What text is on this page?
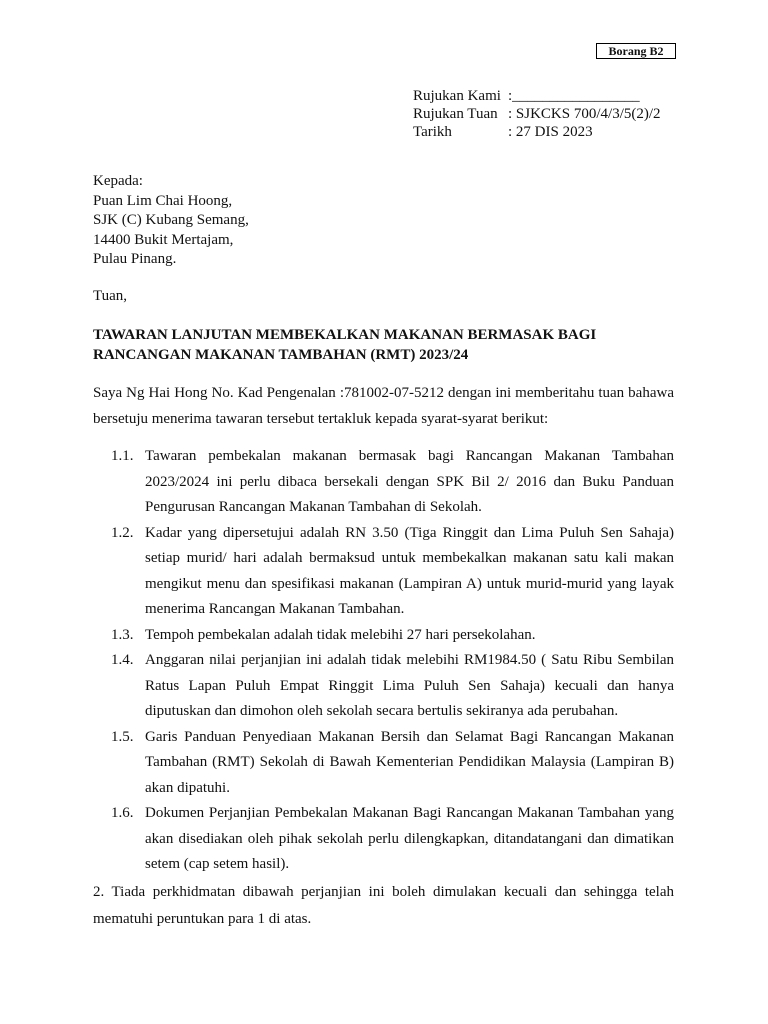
Borang B2
Rujukan Kami :_________________
Rujukan Tuan : SJKCKS 700/4/3/5(2)/2
Tarikh	: 27 DIS 2023
Kepada:
Puan Lim Chai Hoong,
SJK (C) Kubang Semang,
14400 Bukit Mertajam,
Pulau Pinang.
Tuan,
TAWARAN LANJUTAN MEMBEKALKAN MAKANAN BERMASAK BAGI RANCANGAN MAKANAN TAMBAHAN (RMT) 2023/24
Saya Ng Hai Hong No. Kad Pengenalan :781002-07-5212 dengan ini memberitahu tuan bahawa bersetuju menerima tawaran tersebut tertakluk kepada syarat-syarat berikut:
1.1. Tawaran pembekalan makanan bermasak bagi Rancangan Makanan Tambahan 2023/2024 ini perlu dibaca bersekali dengan SPK Bil 2/ 2016 dan Buku Panduan Pengurusan Rancangan Makanan Tambahan di Sekolah.
1.2. Kadar yang dipersetujui adalah RN 3.50 (Tiga Ringgit dan Lima Puluh Sen Sahaja) setiap murid/ hari adalah bermaksud untuk membekalkan makanan satu kali makan mengikut menu dan spesifikasi makanan (Lampiran A) untuk murid-murid yang layak menerima Rancangan Makanan Tambahan.
1.3. Tempoh pembekalan adalah tidak melebihi 27 hari persekolahan.
1.4. Anggaran nilai perjanjian ini adalah tidak melebihi RM1984.50 ( Satu Ribu Sembilan Ratus Lapan Puluh Empat Ringgit Lima Puluh Sen Sahaja) kecuali dan hanya diputuskan dan dimohon oleh sekolah secara bertulis sekiranya ada perubahan.
1.5. Garis Panduan Penyediaan Makanan Bersih dan Selamat Bagi Rancangan Makanan Tambahan (RMT) Sekolah di Bawah Kementerian Pendidikan Malaysia (Lampiran B) akan dipatuhi.
1.6. Dokumen Perjanjian Pembekalan Makanan Bagi Rancangan Makanan Tambahan yang akan disediakan oleh pihak sekolah perlu dilengkapkan, ditandatangani dan dimatikan setem (cap setem hasil).
2. Tiada perkhidmatan dibawah perjanjian ini boleh dimulakan kecuali dan sehingga telah mematuhi peruntukan para 1 di atas.
